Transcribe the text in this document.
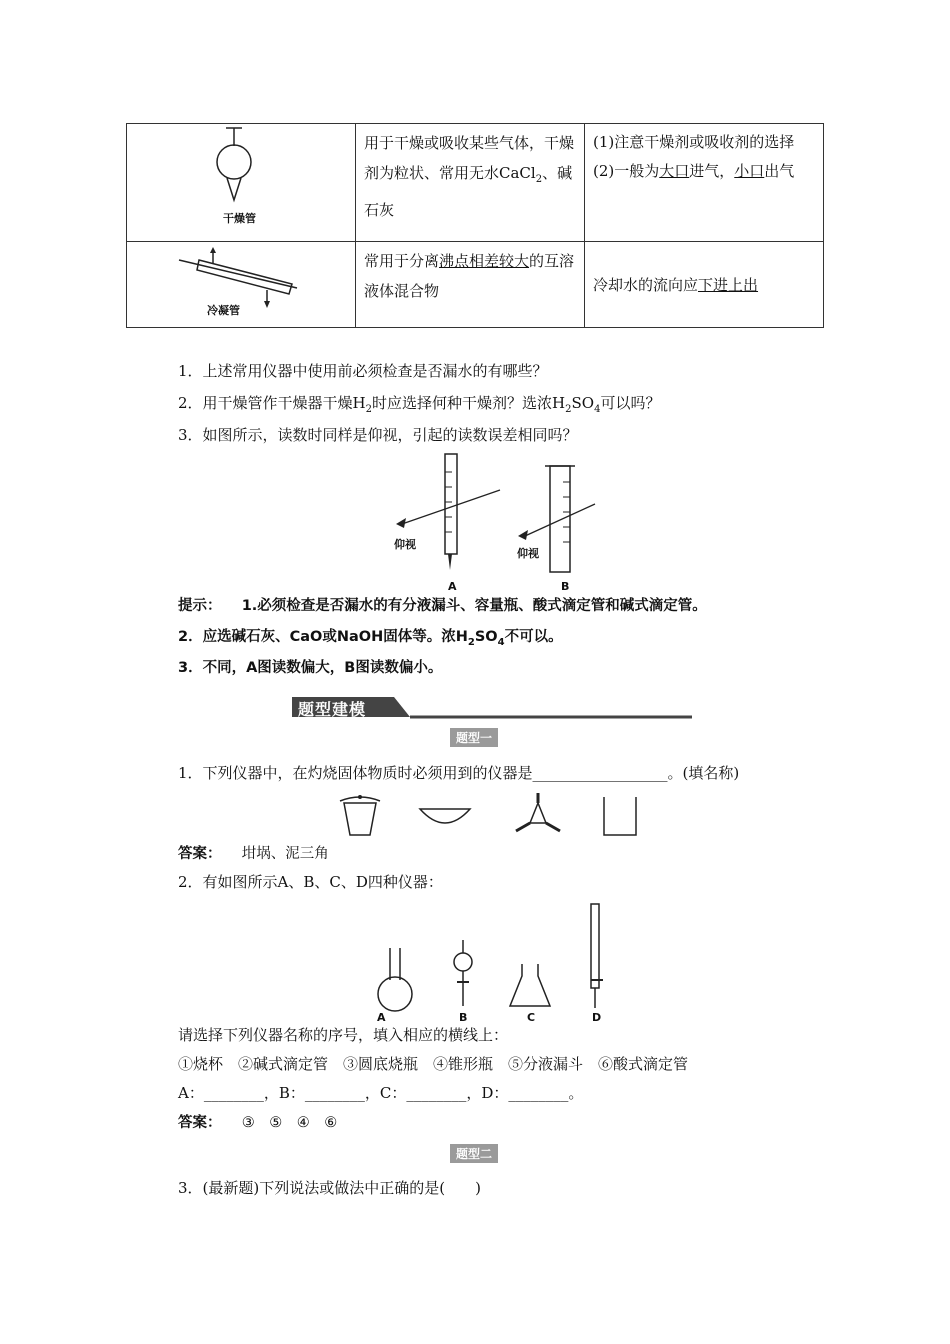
干燥管	用于干燥或吸收某些气体，干燥剂为粒状、常用无水CaCl$_2$、碱石灰	(1)注意干燥剂或吸收剂的选择
(2)一般为大口进气，小口出气

冷凝管	常用于分离沸点相差较大的互溶液体混合物	冷却水的流向应下进上出
1．上述常用仪器中使用前必须检查是否漏水的有哪些？
2．用干燥管作干燥器干燥$H_2$时应选择何种干燥剂？选浓$H_2SO_4$可以吗？
3．如图所示，读数时同样是仰视，引起的读数误差相同吗？
仰视
仰视
A	B
提示： 1.必须检查是否漏水的有分液漏斗、容量瓶、酸式滴定管和碱式滴定管。
2．应选碱石灰、CaO或NaOH固体等。浓$H_2SO_4$不可以。
3．不同，A图读数偏大，B图读数偏小。
题型建模
题型一
1．下列仪器中，在灼烧固体物质时必须用到的仪器是__________________。(填名称)
答案： 坩埚、泥三角
2．有如图所示A、B、C、D四种仪器：
A	B	C	D
请选择下列仪器名称的序号，填入相应的横线上：
①烧杯　②碱式滴定管　③圆底烧瓶　④锥形瓶　⑤分液漏斗　⑥酸式滴定管
A：________，B：________，C：________，D：________。
答案： ③　⑤　④　⑥
题型二
3．(最新题)下列说法或做法中正确的是(　　)
